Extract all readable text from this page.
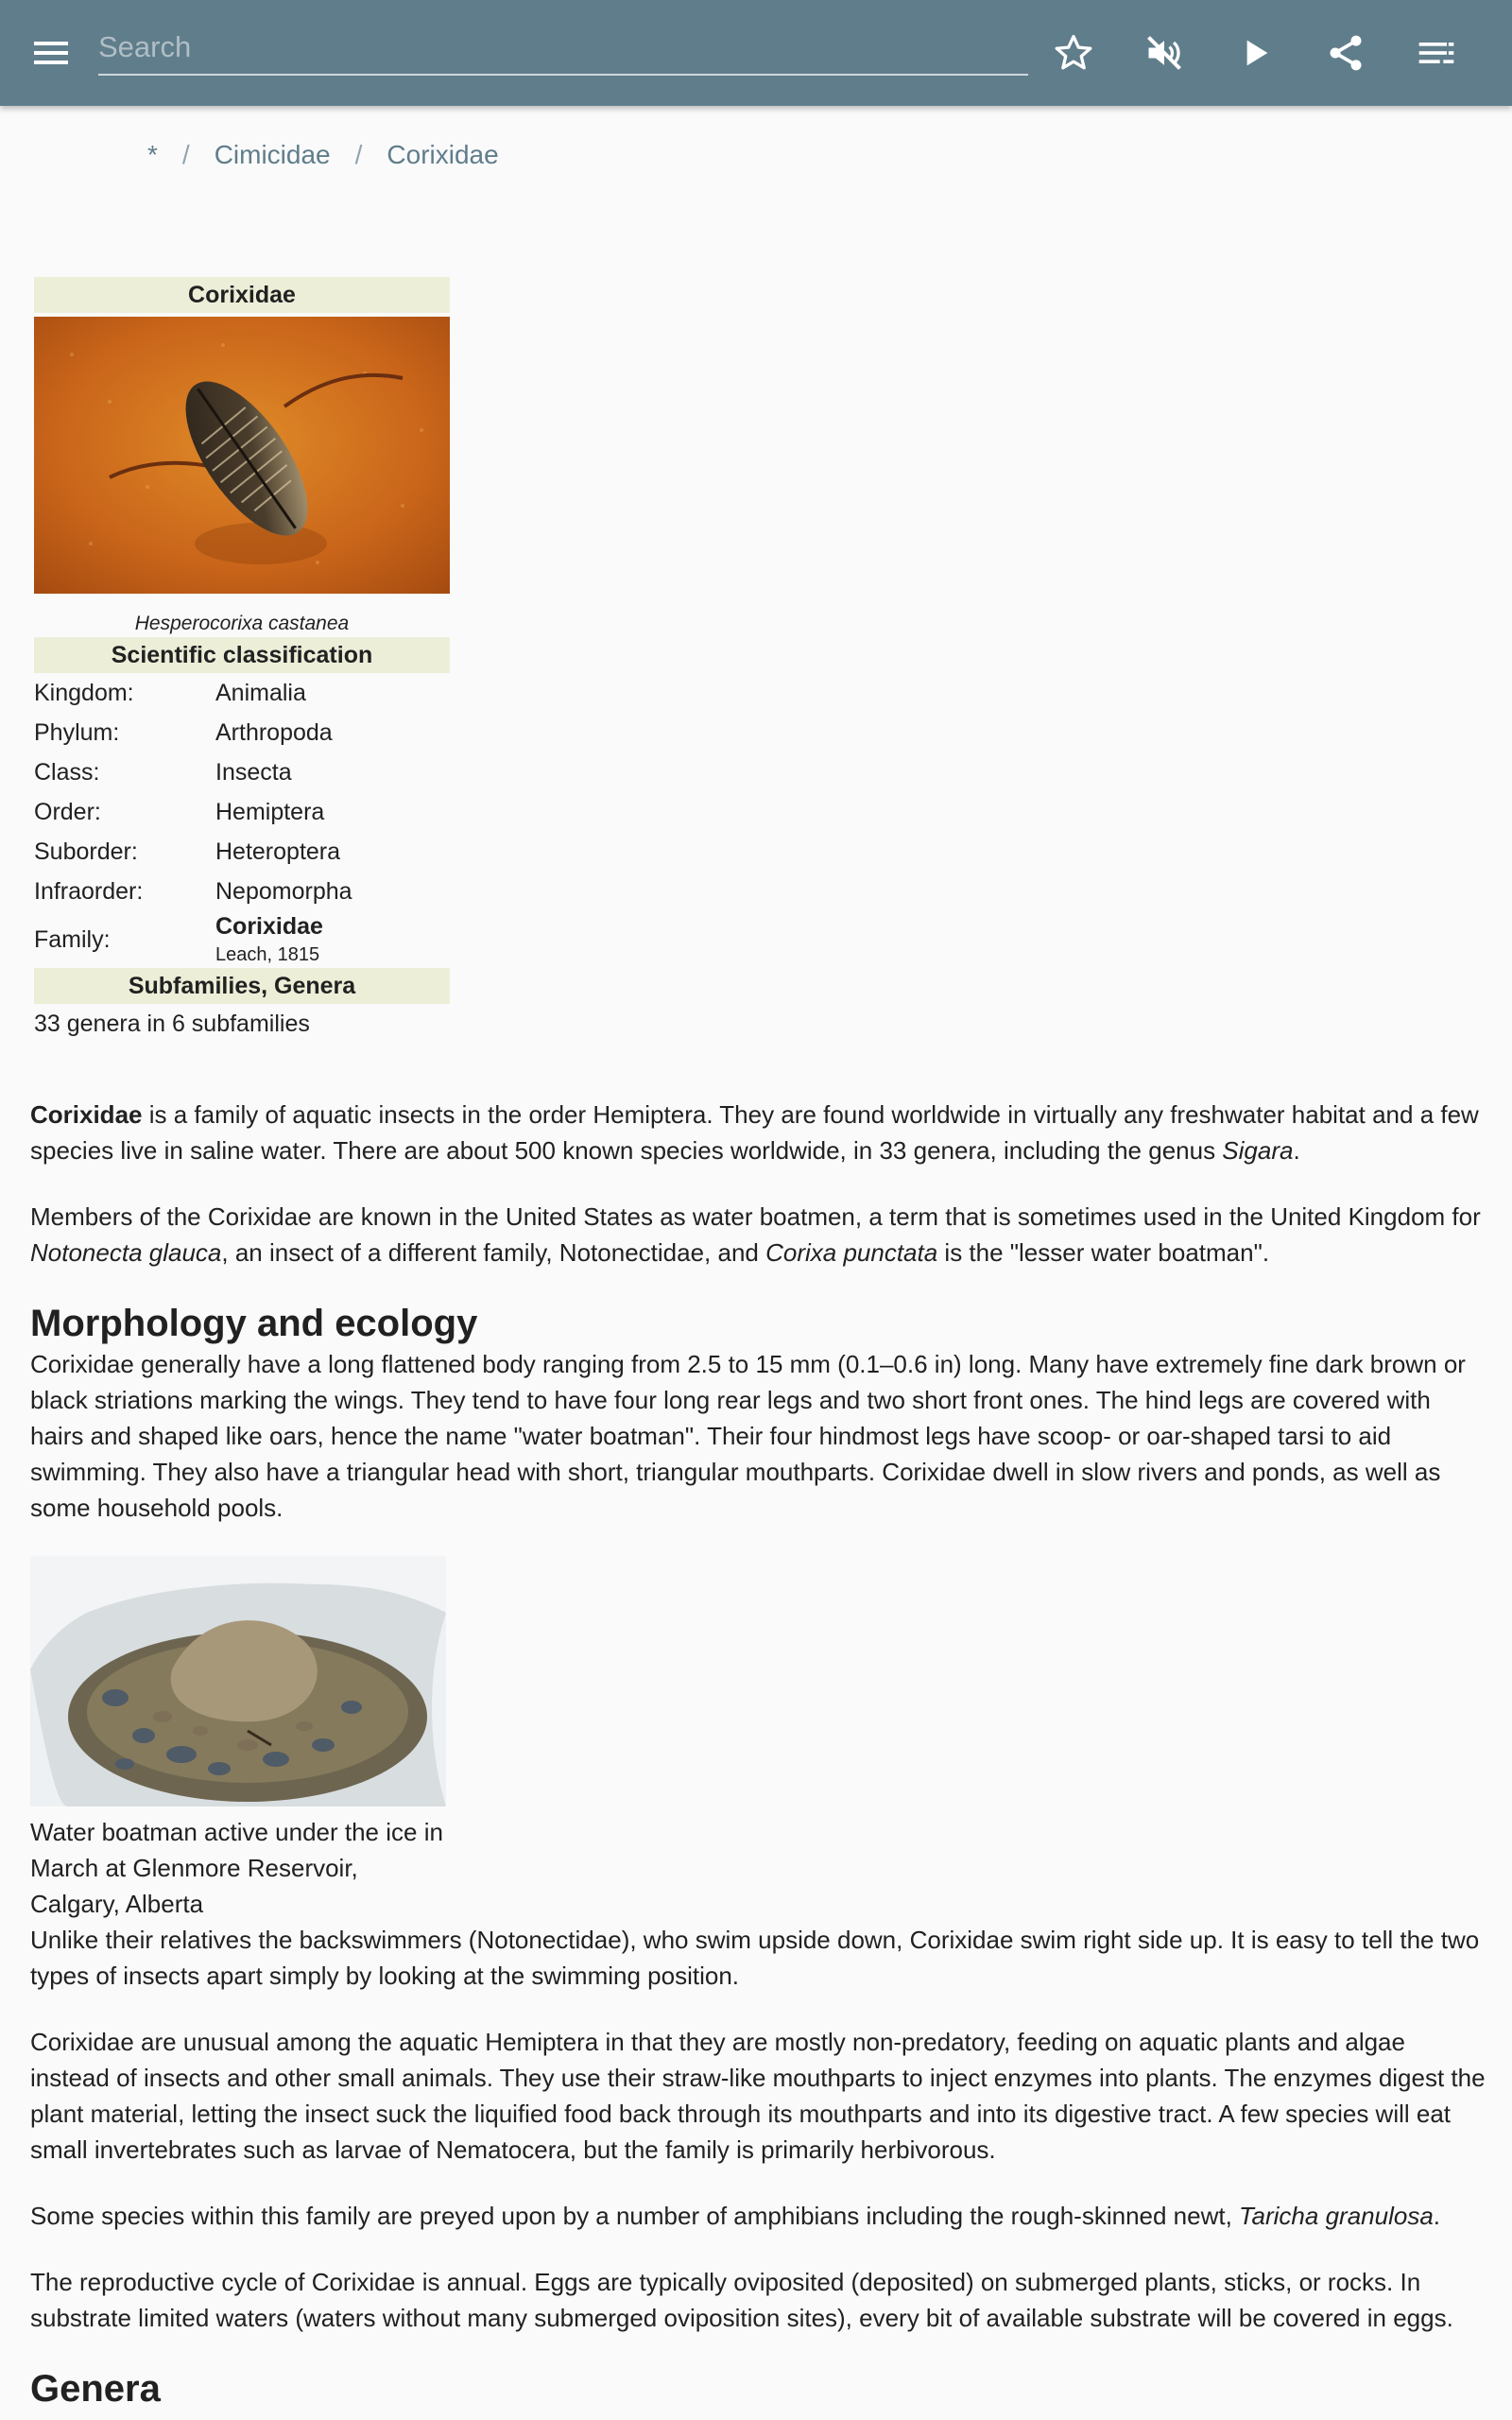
Search
* / Cimicidae / Corixidae
Corixidae
Hesperocorixa castanea
Scientific classification
Kingdom:	Animalia
Phylum:	Arthropoda
Class:	Insecta
Order:	Hemiptera
Suborder:	Heteroptera
Infraorder:	Nepomorpha
Family:	Corixidae
Leach, 1815
Subfamilies, Genera
33 genera in 6 subfamilies

Corixidae is a family of aquatic insects in the order Hemiptera. They are found worldwide in virtually any freshwater habitat and a few species live in saline water. There are about 500 known species worldwide, in 33 genera, including the genus Sigara.

Members of the Corixidae are known in the United States as water boatmen, a term that is sometimes used in the United Kingdom for Notonecta glauca, an insect of a different family, Notonectidae, and Corixa punctata is the "lesser water boatman".

Morphology and ecology

Corixidae generally have a long flattened body ranging from 2.5 to 15 mm (0.1–0.6 in) long. Many have extremely fine dark brown or black striations marking the wings. They tend to have four long rear legs and two short front ones. The hind legs are covered with hairs and shaped like oars, hence the name "water boatman". Their four hindmost legs have scoop- or oar-shaped tarsi to aid swimming. They also have a triangular head with short, triangular mouthparts. Corixidae dwell in slow rivers and ponds, as well as some household pools.

Water boatman active under the ice in March at Glenmore Reservoir, Calgary, Alberta

Unlike their relatives the backswimmers (Notonectidae), who swim upside down, Corixidae swim right side up. It is easy to tell the two types of insects apart simply by looking at the swimming position.

Corixidae are unusual among the aquatic Hemiptera in that they are mostly non-predatory, feeding on aquatic plants and algae instead of insects and other small animals. They use their straw-like mouthparts to inject enzymes into plants. The enzymes digest the plant material, letting the insect suck the liquified food back through its mouthparts and into its digestive tract. A few species will eat small invertebrates such as larvae of Nematocera, but the family is primarily herbivorous.

Some species within this family are preyed upon by a number of amphibians including the rough-skinned newt, Taricha granulosa.

The reproductive cycle of Corixidae is annual. Eggs are typically oviposited (deposited) on submerged plants, sticks, or rocks. In substrate limited waters (waters without many submerged oviposition sites), every bit of available substrate will be covered in eggs.

Genera
